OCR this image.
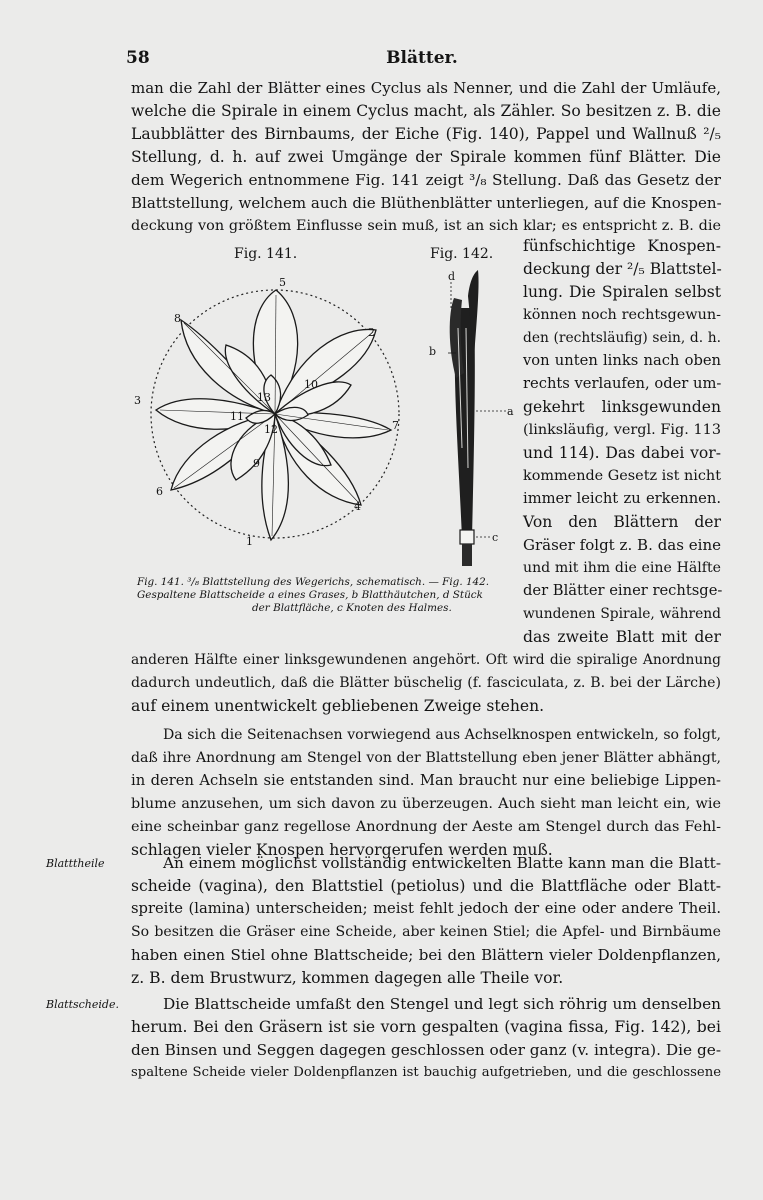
58	Blätter.
man die Zahl der Blätter eines Cyclus als Nenner, und die Zahl der Umläufe,
welche die Spirale in einem Cyclus macht, als Zähler. So besitzen z. B. die
Laubblätter des Birnbaums, der Eiche (Fig. 140), Pappel und Wallnuß ²/₅
Stellung, d. h. auf zwei Umgänge der Spirale kommen fünf Blätter. Die
dem Wegerich entnommene Fig. 141 zeigt ³/₈ Stellung. Daß das Gesetz der
Blattstellung, welchem auch die Blüthenblätter unterliegen, auf die Knospen-
deckung von größtem Einflusse sein muß, ist an sich klar; es entspricht z. B. die
Fig. 141.	Fig. 142.
1
2
3
4
5
6
7
8
9
10
11
12
13
a
b
c
d
Fig. 141. ³/₈ Blattstellung des Wegerichs, schematisch. — Fig. 142.
Gespaltene Blattscheide a eines Grases, b Blatthäutchen, d Stück
der Blattfläche, c Knoten des Halmes.
fünfschichtige Knospen-
deckung der ²/₅ Blattstel-
lung. Die Spiralen selbst
können noch rechtsgewun-
den (rechtsläufig) sein, d. h.
von unten links nach oben
rechts verlaufen, oder um-
gekehrt linksgewunden
(linksläufig, vergl. Fig. 113
und 114). Das dabei vor-
kommende Gesetz ist nicht
immer leicht zu erkennen.
Von den Blättern der
Gräser folgt z. B. das eine
und mit ihm die eine Hälfte
der Blätter einer rechtsge-
wundenen Spirale, während
das zweite Blatt mit der
anderen Hälfte einer linksgewundenen angehört. Oft wird die spiralige Anordnung
dadurch undeutlich, daß die Blätter büschelig (f. fasciculata, z. B. bei der Lärche)
auf einem unentwickelt gebliebenen Zweige stehen.
Da sich die Seitenachsen vorwiegend aus Achselknospen entwickeln, so folgt,
daß ihre Anordnung am Stengel von der Blattstellung eben jener Blätter abhängt,
in deren Achseln sie entstanden sind. Man braucht nur eine beliebige Lippen-
blume anzusehen, um sich davon zu überzeugen. Auch sieht man leicht ein, wie
eine scheinbar ganz regellose Anordnung der Aeste am Stengel durch das Fehl-
schlagen vieler Knospen hervorgerufen werden muß.
Blatttheile	An einem möglichst vollständig entwickelten Blatte kann man die Blatt-
scheide (vagina), den Blattstiel (petiolus) und die Blattfläche oder Blatt-
spreite (lamina) unterscheiden; meist fehlt jedoch der eine oder andere Theil.
So besitzen die Gräser eine Scheide, aber keinen Stiel; die Apfel- und Birnbäume
haben einen Stiel ohne Blattscheide; bei den Blättern vieler Doldenpflanzen,
z. B. dem Brustwurz, kommen dagegen alle Theile vor.
Blattscheide.	Die Blattscheide umfaßt den Stengel und legt sich röhrig um denselben
herum. Bei den Gräsern ist sie vorn gespalten (vagina fissa, Fig. 142), bei
den Binsen und Seggen dagegen geschlossen oder ganz (v. integra). Die ge-
spaltene Scheide vieler Doldenpflanzen ist bauchig aufgetrieben, und die geschlossene
